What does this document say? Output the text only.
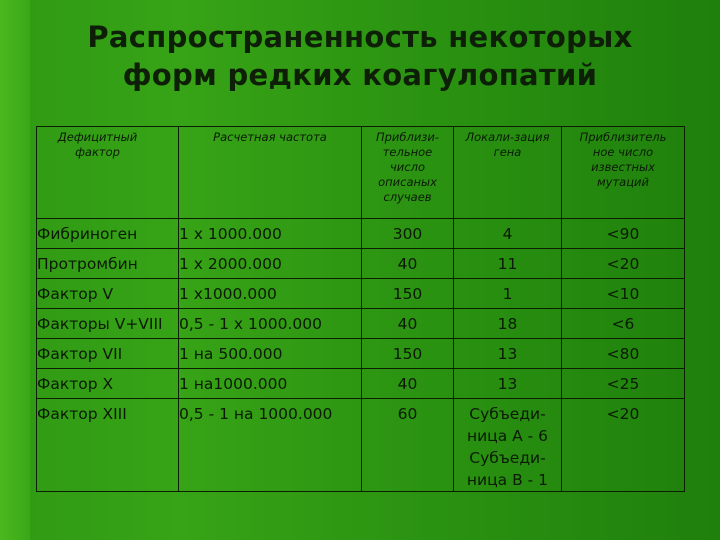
Распространенность некоторых
форм редких коагулопатий
Дефицитный фактор	Расчетная частота	Приблизи-тельное число описаных случаев	Локали-зация гена	Приблизитель ное число известных мутаций
Фибриноген	1 х 1000.000	300	4	<90
Протромбин	1 х 2000.000	40	11	<20
Фактор V	1 х1000.000	150	1	<10
Факторы V+VIII	0,5 - 1 х 1000.000	40	18	<6
Фактор VII	1 на 500.000	150	13	<80
Фактор X	1 на1000.000	40	13	<25
Фактор XIII	0,5 - 1 на 1000.000	60	Субъеди-ница А - 6 Субъеди-ница В - 1	<20
